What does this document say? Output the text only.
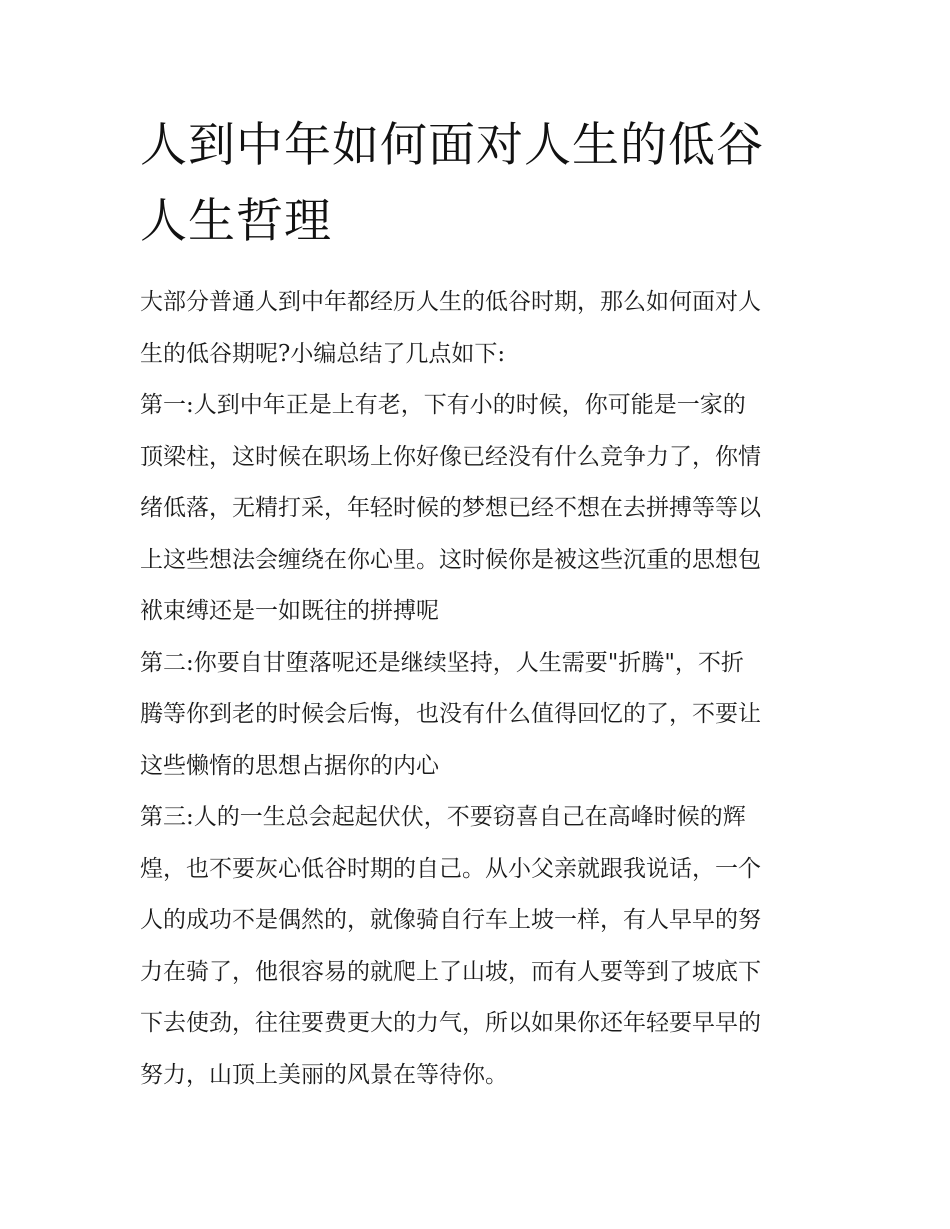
人到中年如何面对人生的低谷
人生哲理
大部分普通人到中年都经历人生的低谷时期，那么如何面对人
生的低谷期呢?小编总结了几点如下:
第一:人到中年正是上有老，下有小的时候，你可能是一家的
顶梁柱，这时候在职场上你好像已经没有什么竞争力了，你情
绪低落，无精打采，年轻时候的梦想已经不想在去拼搏等等以
上这些想法会缠绕在你心里。这时候你是被这些沉重的思想包
袱束缚还是一如既往的拼搏呢
第二:你要自甘堕落呢还是继续坚持，人生需要"折腾"，不折
腾等你到老的时候会后悔，也没有什么值得回忆的了，不要让
这些懒惰的思想占据你的内心
第三:人的一生总会起起伏伏，不要窃喜自己在高峰时候的辉
煌，也不要灰心低谷时期的自己。从小父亲就跟我说话，一个
人的成功不是偶然的，就像骑自行车上坡一样，有人早早的努
力在骑了，他很容易的就爬上了山坡，而有人要等到了坡底下
下去使劲，往往要费更大的力气，所以如果你还年轻要早早的
努力，山顶上美丽的风景在等待你。
